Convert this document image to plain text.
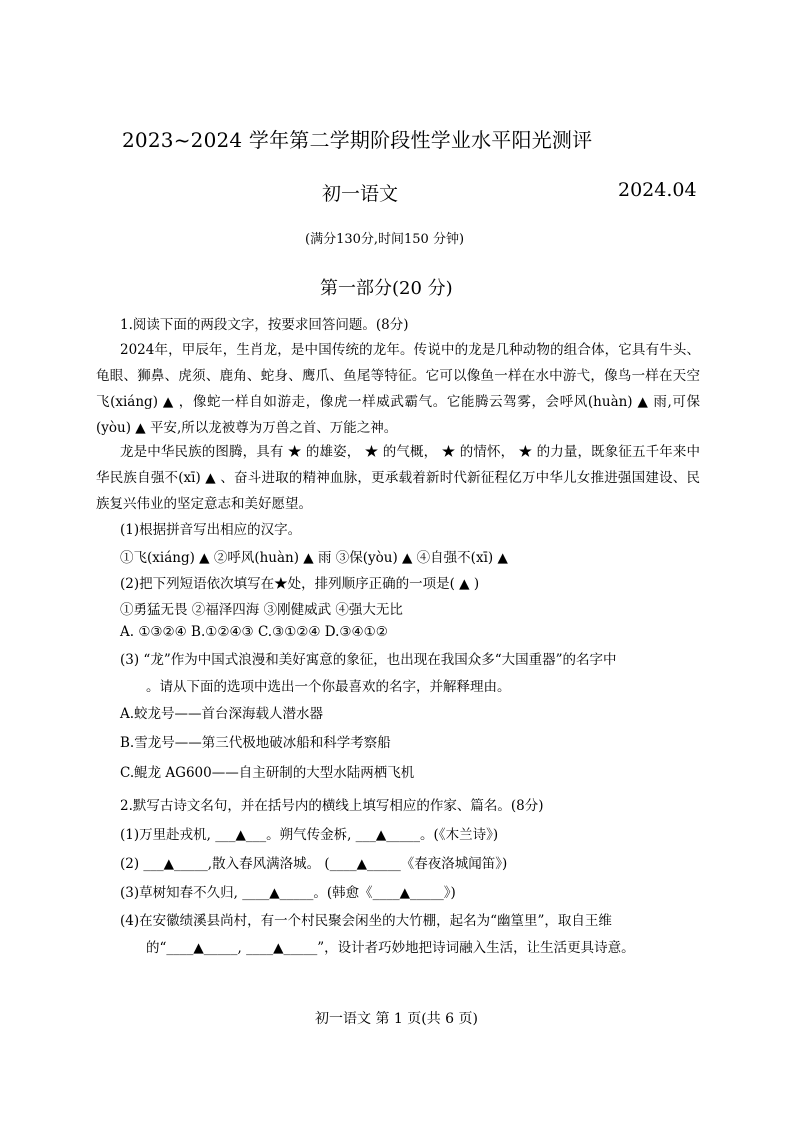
2023~2024 学年第二学期阶段性学业水平阳光测评
初一语文	2024.04
(满分130分,时间150 分钟)
第一部分(20 分)
1.阅读下面的两段文字，按要求回答问题。(8分)
2024年，甲辰年，生肖龙，是中国传统的龙年。传说中的龙是几种动物的组合体，它具有牛头、龟眼、狮鼻、虎须、鹿角、蛇身、鹰爪、鱼尾等特征。它可以像鱼一样在水中游弋，像鸟一样在天空飞(xiáng) ▲ ，像蛇一样自如游走，像虎一样威武霸气。它能腾云驾雾，会呼风(huàn) ▲ 雨,可保(yòu) ▲ 平安,所以龙被尊为万兽之首、万能之神。
龙是中华民族的图腾，具有 ★ 的雄姿， ★ 的气概， ★ 的情怀， ★ 的力量，既象征五千年来中华民族自强不(xī) ▲ 、奋斗进取的精神血脉，更承载着新时代新征程亿万中华儿女推进强国建设、民族复兴伟业的坚定意志和美好愿望。
(1)根据拼音写出相应的汉字。
①飞(xiáng) ▲ ②呼风(huàn) ▲ 雨 ③保(yòu) ▲ ④自强不(xī) ▲
(2)把下列短语依次填写在★处，排列顺序正确的一项是( ▲ )
①勇猛无畏 ②福泽四海 ③刚健威武 ④强大无比
A. ①③②④ B.①②④③ C.③①②④ D.③④①②
(3) “龙”作为中国式浪漫和美好寓意的象征，也出现在我国众多“大国重器”的名字中
。请从下面的选项中选出一个你最喜欢的名字，并解释理由。
A.蛟龙号——首台深海载人潜水器
B.雪龙号——第三代极地破冰船和科学考察船
C.鲲龙 AG600——自主研制的大型水陆两栖飞机
2.默写古诗文名句，并在括号内的横线上填写相应的作家、篇名。(8分)
(1)万里赴戎机, ___▲___。朔气传金柝, ___▲_____。(《木兰诗》)
(2) ___▲_____,散入春风满洛城。 (____▲_____《春夜洛城闻笛》)
(3)草树知春不久归, ____▲_____。(韩愈《____▲_____》)
(4)在安徽绩溪县尚村，有一个村民聚会闲坐的大竹棚，起名为“幽篁里”，取自王维
的“____▲_____, ____▲_____”，设计者巧妙地把诗词融入生活，让生活更具诗意。
初一语文 第 1 页(共 6 页)
